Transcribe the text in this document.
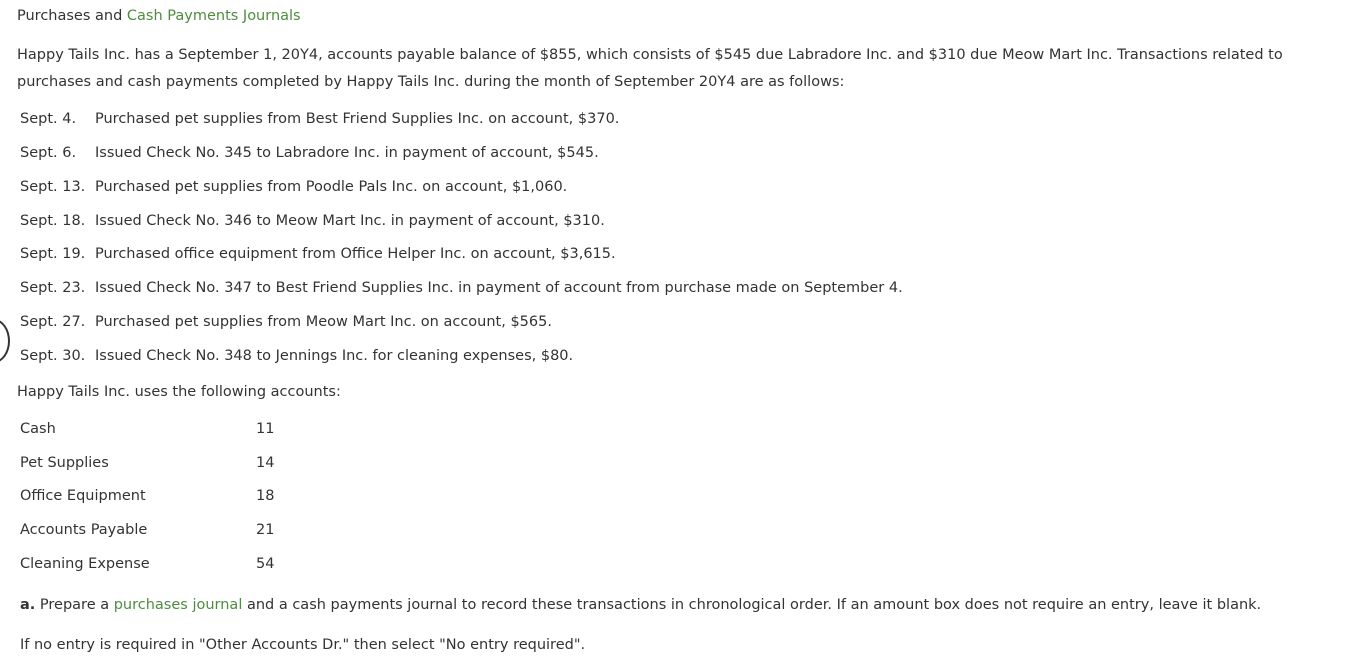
Purchases and Cash Payments Journals
Happy Tails Inc. has a September 1, 20Y4, accounts payable balance of $855, which consists of $545 due Labradore Inc. and $310 due Meow Mart Inc. Transactions related to purchases and cash payments completed by Happy Tails Inc. during the month of September 20Y4 are as follows:
Sept. 4. Purchased pet supplies from Best Friend Supplies Inc. on account, $370.
Sept. 6. Issued Check No. 345 to Labradore Inc. in payment of account, $545.
Sept. 13. Purchased pet supplies from Poodle Pals Inc. on account, $1,060.
Sept. 18. Issued Check No. 346 to Meow Mart Inc. in payment of account, $310.
Sept. 19. Purchased office equipment from Office Helper Inc. on account, $3,615.
Sept. 23. Issued Check No. 347 to Best Friend Supplies Inc. in payment of account from purchase made on September 4.
Sept. 27. Purchased pet supplies from Meow Mart Inc. on account, $565.
Sept. 30. Issued Check No. 348 to Jennings Inc. for cleaning expenses, $80.
Happy Tails Inc. uses the following accounts:
Cash	11
Pet Supplies	14
Office Equipment	18
Accounts Payable	21
Cleaning Expense	54
a. Prepare a purchases journal and a cash payments journal to record these transactions in chronological order. If an amount box does not require an entry, leave it blank.
If no entry is required in "Other Accounts Dr." then select "No entry required".
